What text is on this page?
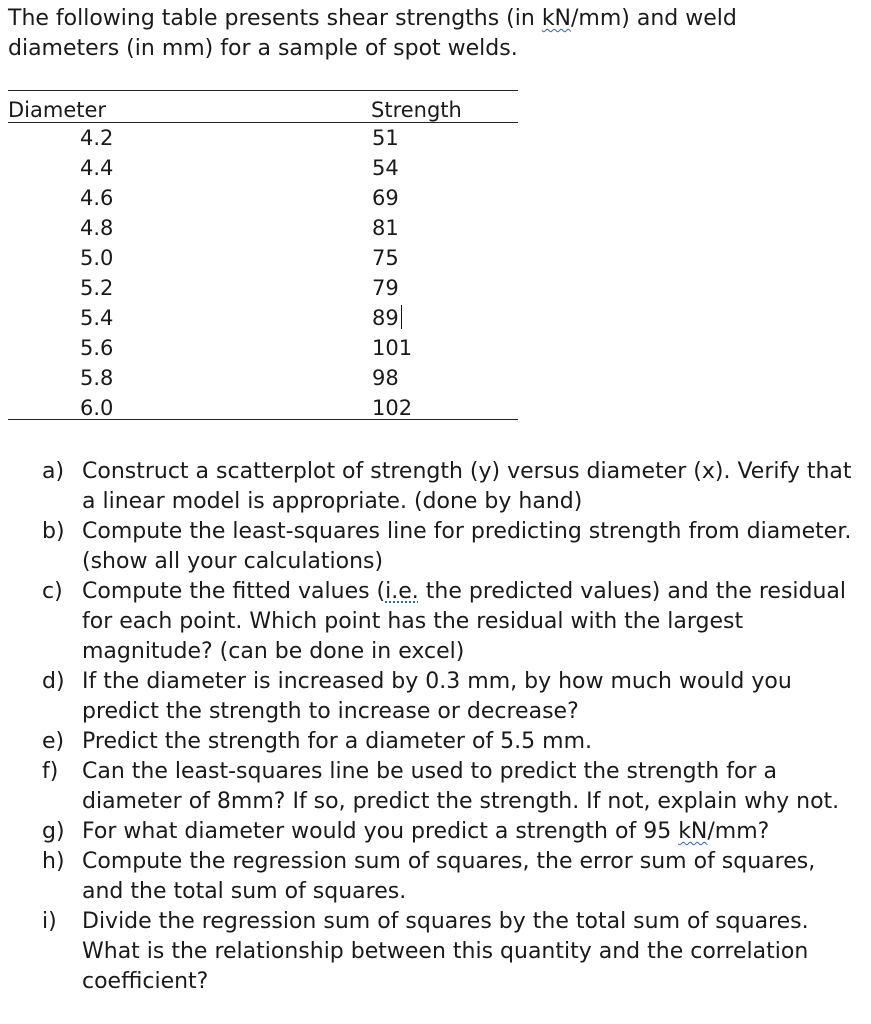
The following table presents shear strengths (in kN/mm) and weld diameters (in mm) for a sample of spot welds.

Diameter	Strength
4.2	51
4.4	54
4.6	69
4.8	81
5.0	75
5.2	79
5.4	89
5.6	101
5.8	98
6.0	102
a) Construct a scatterplot of strength (y) versus diameter (x). Verify that a linear model is appropriate. (done by hand)
b) Compute the least-squares line for predicting strength from diameter. (show all your calculations)
c) Compute the fitted values (i.e. the predicted values) and the residual for each point. Which point has the residual with the largest magnitude? (can be done in excel)
d) If the diameter is increased by 0.3 mm, by how much would you predict the strength to increase or decrease?
e) Predict the strength for a diameter of 5.5 mm.
f) Can the least-squares line be used to predict the strength for a diameter of 8mm? If so, predict the strength. If not, explain why not.
g) For what diameter would you predict a strength of 95 kN/mm?
h) Compute the regression sum of squares, the error sum of squares, and the total sum of squares.
i) Divide the regression sum of squares by the total sum of squares. What is the relationship between this quantity and the correlation coefficient?
